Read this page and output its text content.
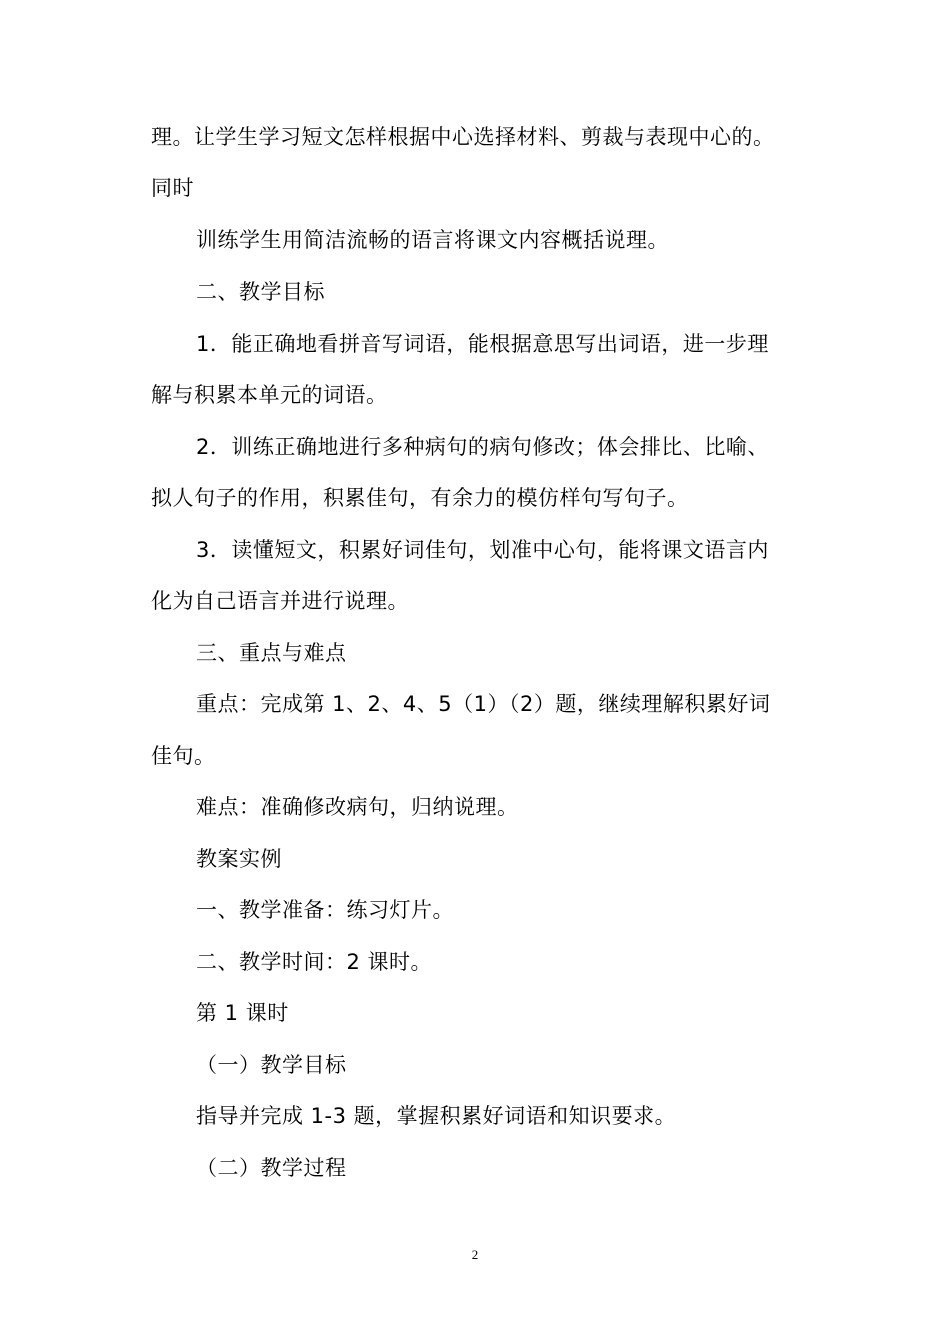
理。让学生学习短文怎样根据中心选择材料、剪裁与表现中心的。
同时
训练学生用简洁流畅的语言将课文内容概括说理。
二、教学目标
1．能正确地看拼音写词语，能根据意思写出词语，进一步理
解与积累本单元的词语。
2．训练正确地进行多种病句的病句修改；体会排比、比喻、
拟人句子的作用，积累佳句，有余力的模仿样句写句子。
3．读懂短文，积累好词佳句，划准中心句，能将课文语言内
化为自己语言并进行说理。
三、重点与难点
重点：完成第 1、2、4、5（1）（2）题，继续理解积累好词
佳句。
难点：准确修改病句，归纳说理。
教案实例
一、教学准备：练习灯片。
二、教学时间：2 课时。
第 1 课时
（一）教学目标
指导并完成 1-3 题，掌握积累好词语和知识要求。
（二）教学过程
2
